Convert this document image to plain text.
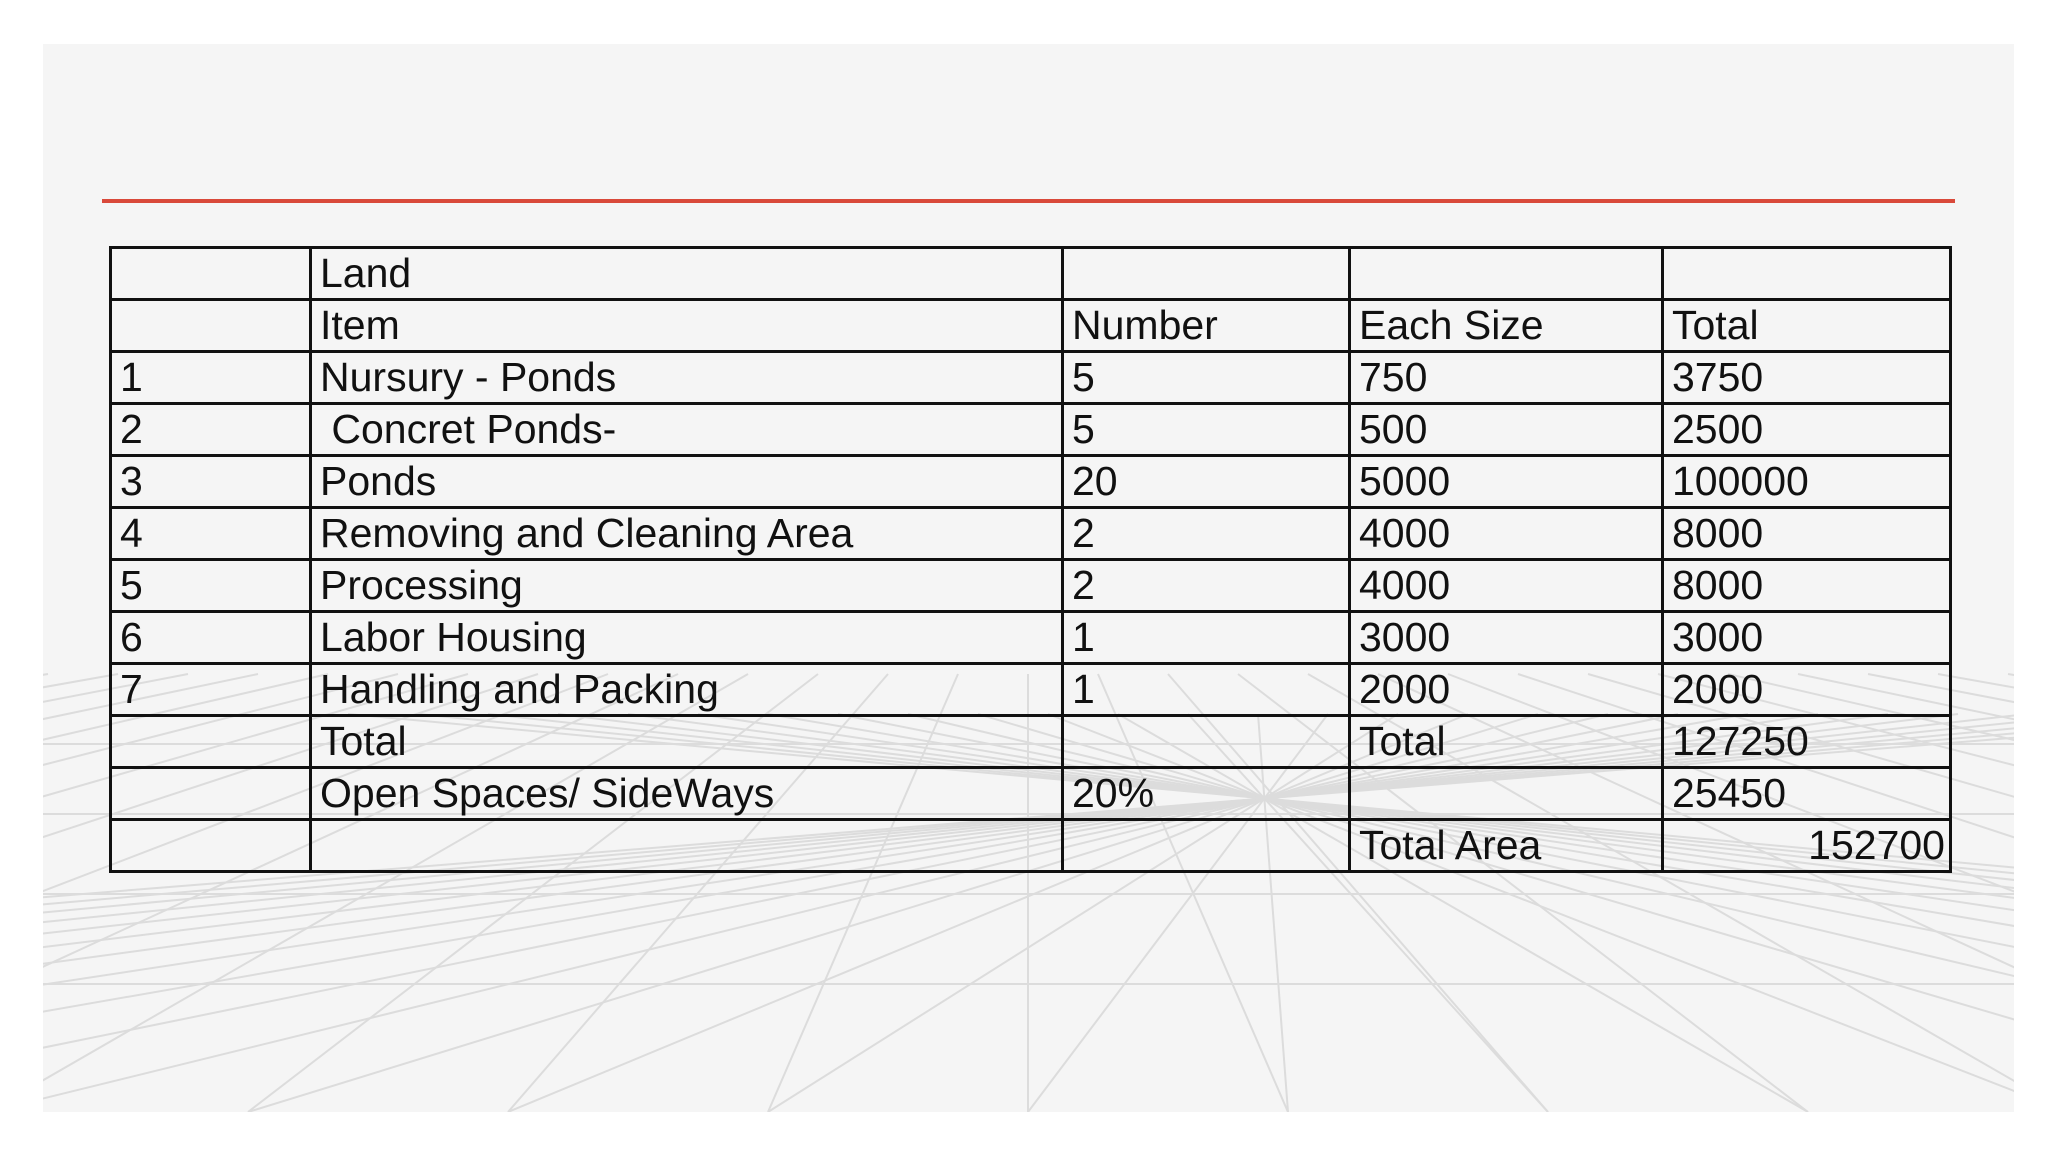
	Land			
	Item	Number	Each Size	Total
1	Nursury - Ponds	5	750	3750
2	Concret Ponds-	5	500	2500
3	Ponds	20	5000	100000
4	Removing and Cleaning Area	2	4000	8000
5	Processing	2	4000	8000
6	Labor Housing	1	3000	3000
7	Handling and Packing	1	2000	2000
	Total		Total	127250
	Open Spaces/ SideWays	20%		25450
			Total Area	152700
